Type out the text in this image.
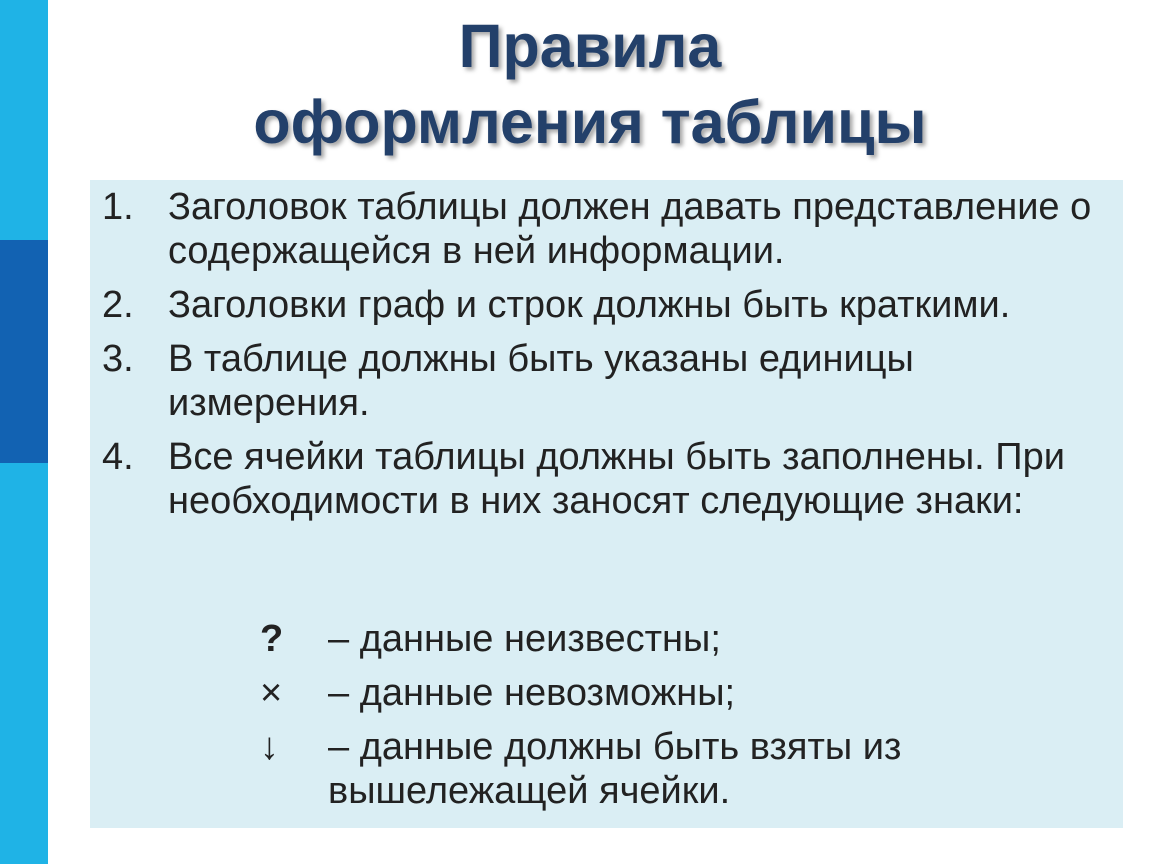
Правила
оформления таблицы
1. Заголовок таблицы должен давать представление о содержащейся в ней информации.
2. Заголовки граф и строк должны быть краткими.
3. В таблице должны быть указаны единицы измерения.
4. Все ячейки таблицы должны быть заполнены. При необходимости в них заносят следующие знаки:
? – данные неизвестны;
× – данные невозможны;
↓ – данные должны быть взяты из вышележащей ячейки.
